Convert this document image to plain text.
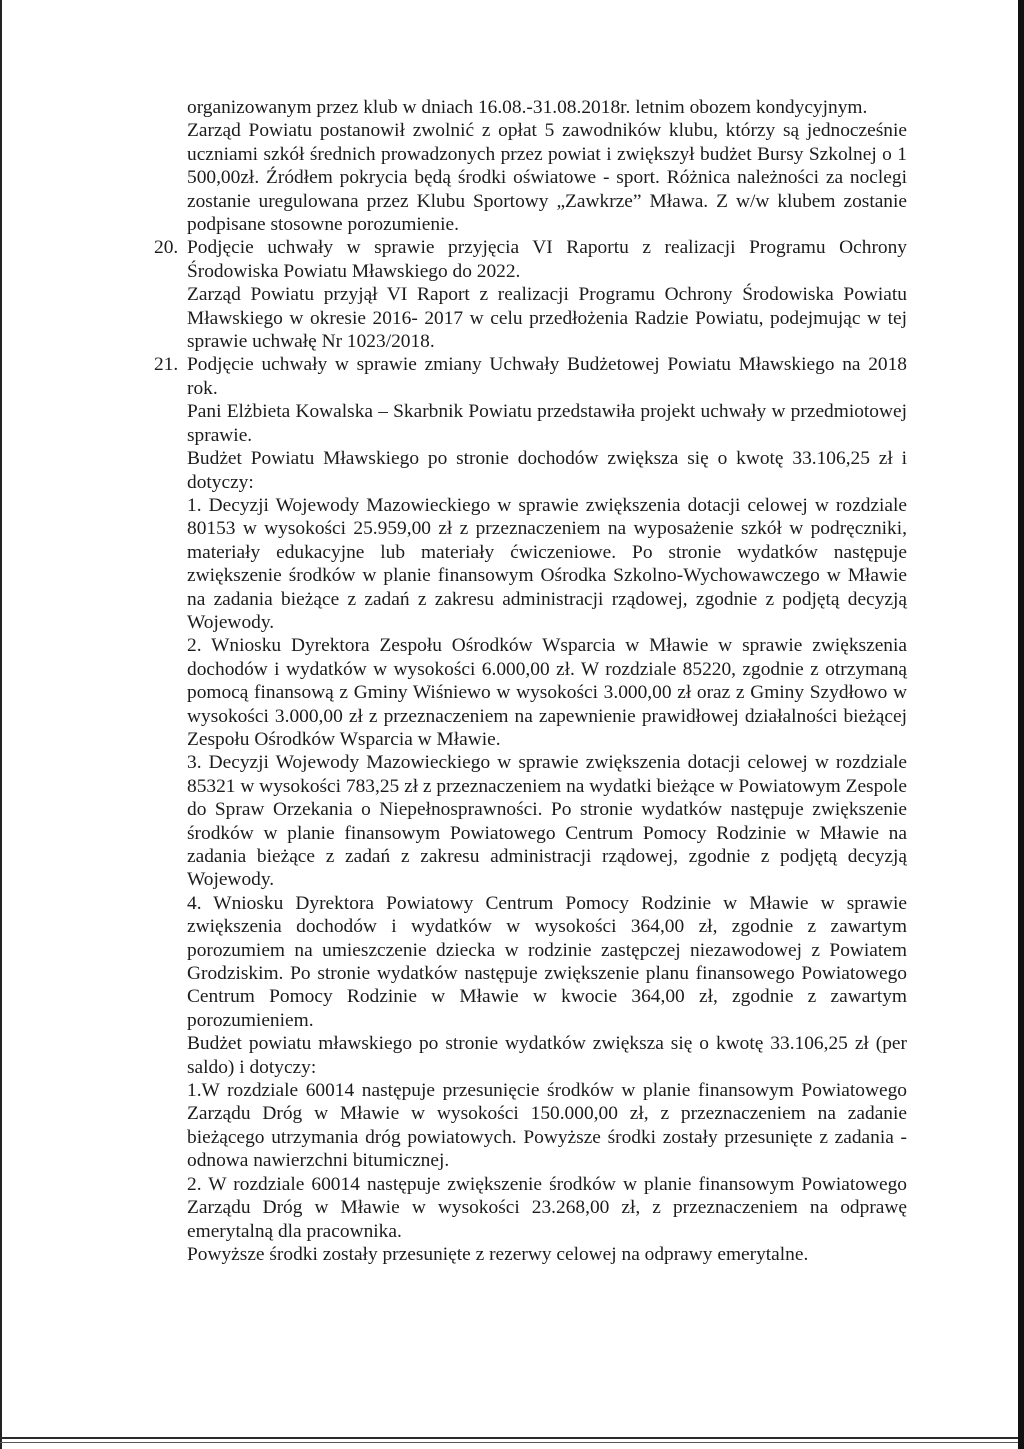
organizowanym przez klub w dniach 16.08.-31.08.2018r. letnim obozem kondycyjnym.

Zarząd Powiatu postanowił zwolnić z opłat 5 zawodników klubu, którzy są jednocześnie uczniami szkół średnich prowadzonych przez powiat i zwiększył budżet Bursy Szkolnej o 1 500,00zł. Źródłem pokrycia będą środki oświatowe - sport. Różnica należności za noclegi zostanie uregulowana przez Klubu Sportowy „Zawkrze” Mława. Z w/w klubem zostanie podpisane stosowne porozumienie.

20. Podjęcie uchwały w sprawie przyjęcia VI Raportu z realizacji Programu Ochrony Środowiska Powiatu Mławskiego do 2022.

Zarząd Powiatu przyjął VI Raport z realizacji Programu Ochrony Środowiska Powiatu Mławskiego w okresie 2016- 2017 w celu przedłożenia Radzie Powiatu, podejmując w tej sprawie uchwałę Nr 1023/2018.

21. Podjęcie uchwały w sprawie zmiany Uchwały Budżetowej Powiatu Mławskiego na 2018 rok.

Pani Elżbieta Kowalska – Skarbnik Powiatu przedstawiła projekt uchwały w przedmiotowej sprawie.

Budżet Powiatu Mławskiego po stronie dochodów zwiększa się o kwotę 33.106,25 zł i dotyczy:

1. Decyzji Wojewody Mazowieckiego w sprawie zwiększenia dotacji celowej w rozdziale 80153 w wysokości 25.959,00 zł z przeznaczeniem na wyposażenie szkół w podręczniki, materiały edukacyjne lub materiały ćwiczeniowe. Po stronie wydatków następuje zwiększenie środków w planie finansowym Ośrodka Szkolno-Wychowawczego w Mławie na zadania bieżące z zadań z zakresu administracji rządowej, zgodnie z podjętą decyzją Wojewody.

2. Wniosku Dyrektora Zespołu Ośrodków Wsparcia w Mławie w sprawie zwiększenia dochodów i wydatków w wysokości 6.000,00 zł. W rozdziale 85220, zgodnie z otrzymaną pomocą finansową z Gminy Wiśniewo w wysokości 3.000,00 zł oraz z Gminy Szydłowo w wysokości 3.000,00 zł z przeznaczeniem na zapewnienie prawidłowej działalności bieżącej Zespołu Ośrodków Wsparcia w Mławie.

3. Decyzji Wojewody Mazowieckiego w sprawie zwiększenia dotacji celowej w rozdziale 85321 w wysokości 783,25 zł z przeznaczeniem na wydatki bieżące w Powiatowym Zespole do Spraw Orzekania o Niepełnosprawności. Po stronie wydatków następuje zwiększenie środków w planie finansowym Powiatowego Centrum Pomocy Rodzinie w Mławie na zadania bieżące z zadań z zakresu administracji rządowej, zgodnie z podjętą decyzją Wojewody.

4. Wniosku Dyrektora Powiatowy Centrum Pomocy Rodzinie w Mławie w sprawie zwiększenia dochodów i wydatków w wysokości 364,00 zł, zgodnie z zawartym porozumiem na umieszczenie dziecka w rodzinie zastępczej niezawodowej z Powiatem Grodziskim. Po stronie wydatków następuje zwiększenie planu finansowego Powiatowego Centrum Pomocy Rodzinie w Mławie w kwocie 364,00 zł, zgodnie z zawartym porozumieniem.

Budżet powiatu mławskiego po stronie wydatków zwiększa się o kwotę 33.106,25 zł (per saldo) i dotyczy:

1.W rozdziale 60014 następuje przesunięcie środków w planie finansowym Powiatowego Zarządu Dróg w Mławie w wysokości 150.000,00 zł, z przeznaczeniem na zadanie bieżącego utrzymania dróg powiatowych. Powyższe środki zostały przesunięte z zadania - odnowa nawierzchni bitumicznej.

2. W rozdziale 60014 następuje zwiększenie środków w planie finansowym Powiatowego Zarządu Dróg w Mławie w wysokości 23.268,00 zł, z przeznaczeniem na odprawę emerytalną dla pracownika.

Powyższe środki zostały przesunięte z rezerwy celowej na odprawy emerytalne.
